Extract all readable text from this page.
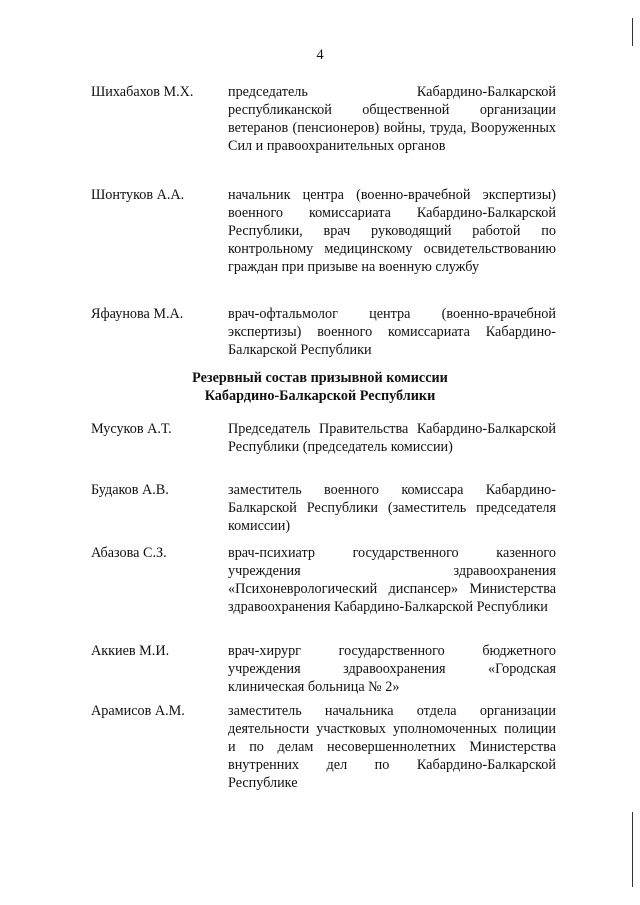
4
Шихабахов М.Х.	председатель Кабардино-Балкарской республиканской общественной организации ветеранов (пенсионеров) войны, труда, Вооруженных Сил и правоохранительных органов
Шонтуков А.А.	начальник центра (военно-врачебной экспертизы) военного комиссариата Кабардино-Балкарской Республики, врач руководящий работой по контрольному медицинскому освидетельствованию граждан при призыве на военную службу
Яфаунова М.А.	врач-офтальмолог центра (военно-врачебной экспертизы) военного комиссариата Кабардино-Балкарской Республики
Резервный состав призывной комиссии
Кабардино-Балкарской Республики
Мусуков А.Т.	Председатель Правительства Кабардино-Балкарской Республики (председатель комиссии)
Будаков А.В.	заместитель военного комиссара Кабардино-Балкарской Республики (заместитель председателя комиссии)
Абазова С.З.	врач-психиатр государственного казенного учреждения здравоохранения «Психоневрологический диспансер» Министерства здравоохранения Кабардино-Балкарской Республики
Аккиев М.И.	врач-хирург государственного бюджетного учреждения здравоохранения «Городская клиническая больница № 2»
Арамисов А.М.	заместитель начальника отдела организации деятельности участковых уполномоченных полиции и по делам несовершеннолетних Министерства внутренних дел по Кабардино-Балкарской Республике
